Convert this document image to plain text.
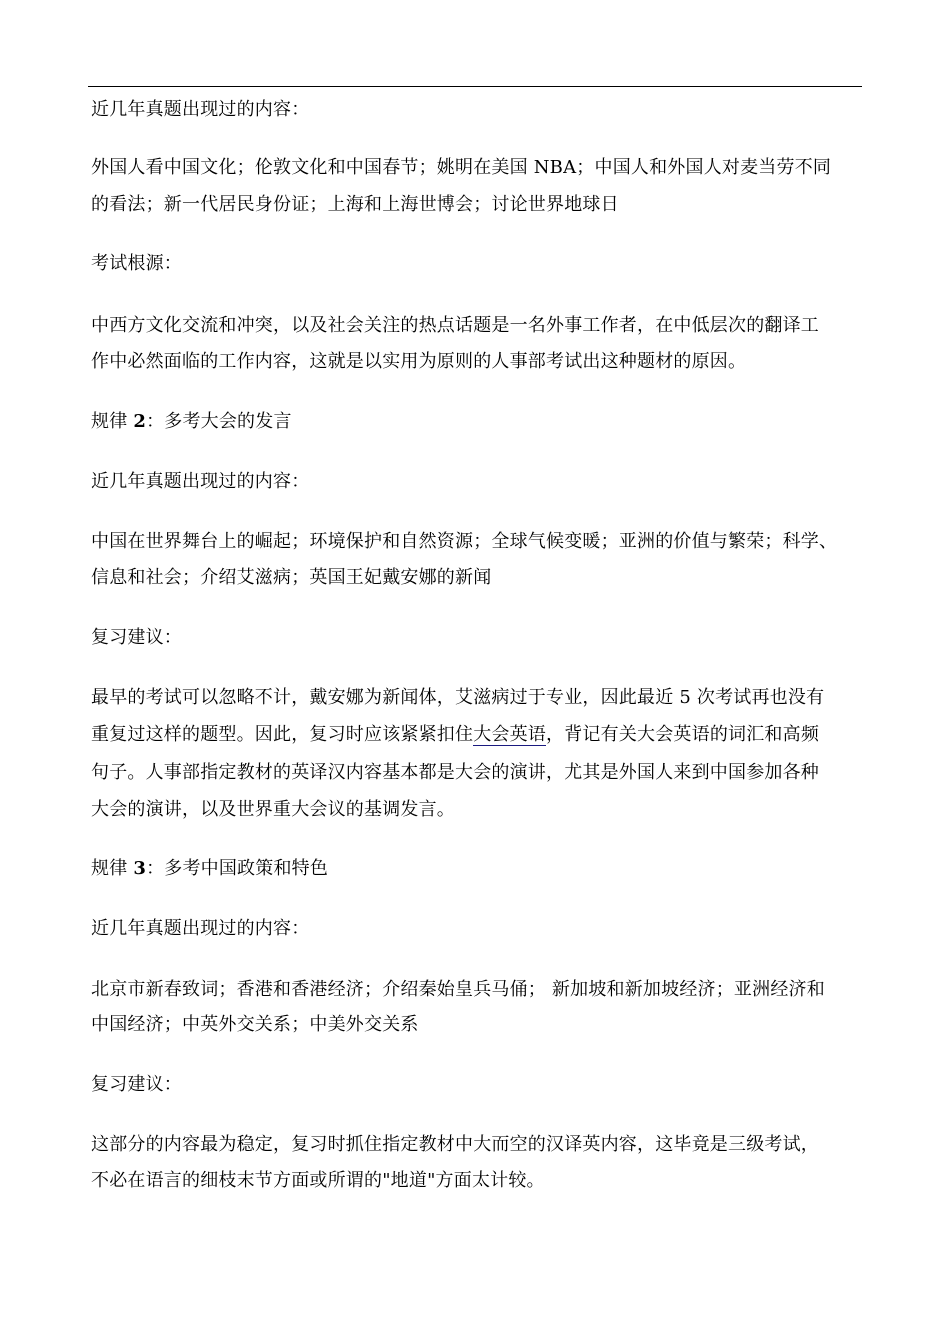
近几年真题出现过的内容：
外国人看中国文化；伦敦文化和中国春节；姚明在美国 NBA；中国人和外国人对麦当劳不同
的看法；新一代居民身份证；上海和上海世博会；讨论世界地球日
考试根源：
中西方文化交流和冲突，以及社会关注的热点话题是一名外事工作者，在中低层次的翻译工
作中必然面临的工作内容，这就是以实用为原则的人事部考试出这种题材的原因。
规律 2：多考大会的发言
近几年真题出现过的内容：
中国在世界舞台上的崛起；环境保护和自然资源；全球气候变暖；亚洲的价值与繁荣；科学、
信息和社会；介绍艾滋病；英国王妃戴安娜的新闻
复习建议：
最早的考试可以忽略不计，戴安娜为新闻体，艾滋病过于专业，因此最近 5 次考试再也没有
重复过这样的题型。因此，复习时应该紧紧扣住大会英语，背记有关大会英语的词汇和高频
句子。人事部指定教材的英译汉内容基本都是大会的演讲，尤其是外国人来到中国参加各种
大会的演讲，以及世界重大会议的基调发言。
规律 3：多考中国政策和特色
近几年真题出现过的内容：
北京市新春致词；香港和香港经济；介绍秦始皇兵马俑； 新加坡和新加坡经济；亚洲经济和
中国经济；中英外交关系；中美外交关系
复习建议：
这部分的内容最为稳定，复习时抓住指定教材中大而空的汉译英内容，这毕竟是三级考试，
不必在语言的细枝末节方面或所谓的"地道"方面太计较。
